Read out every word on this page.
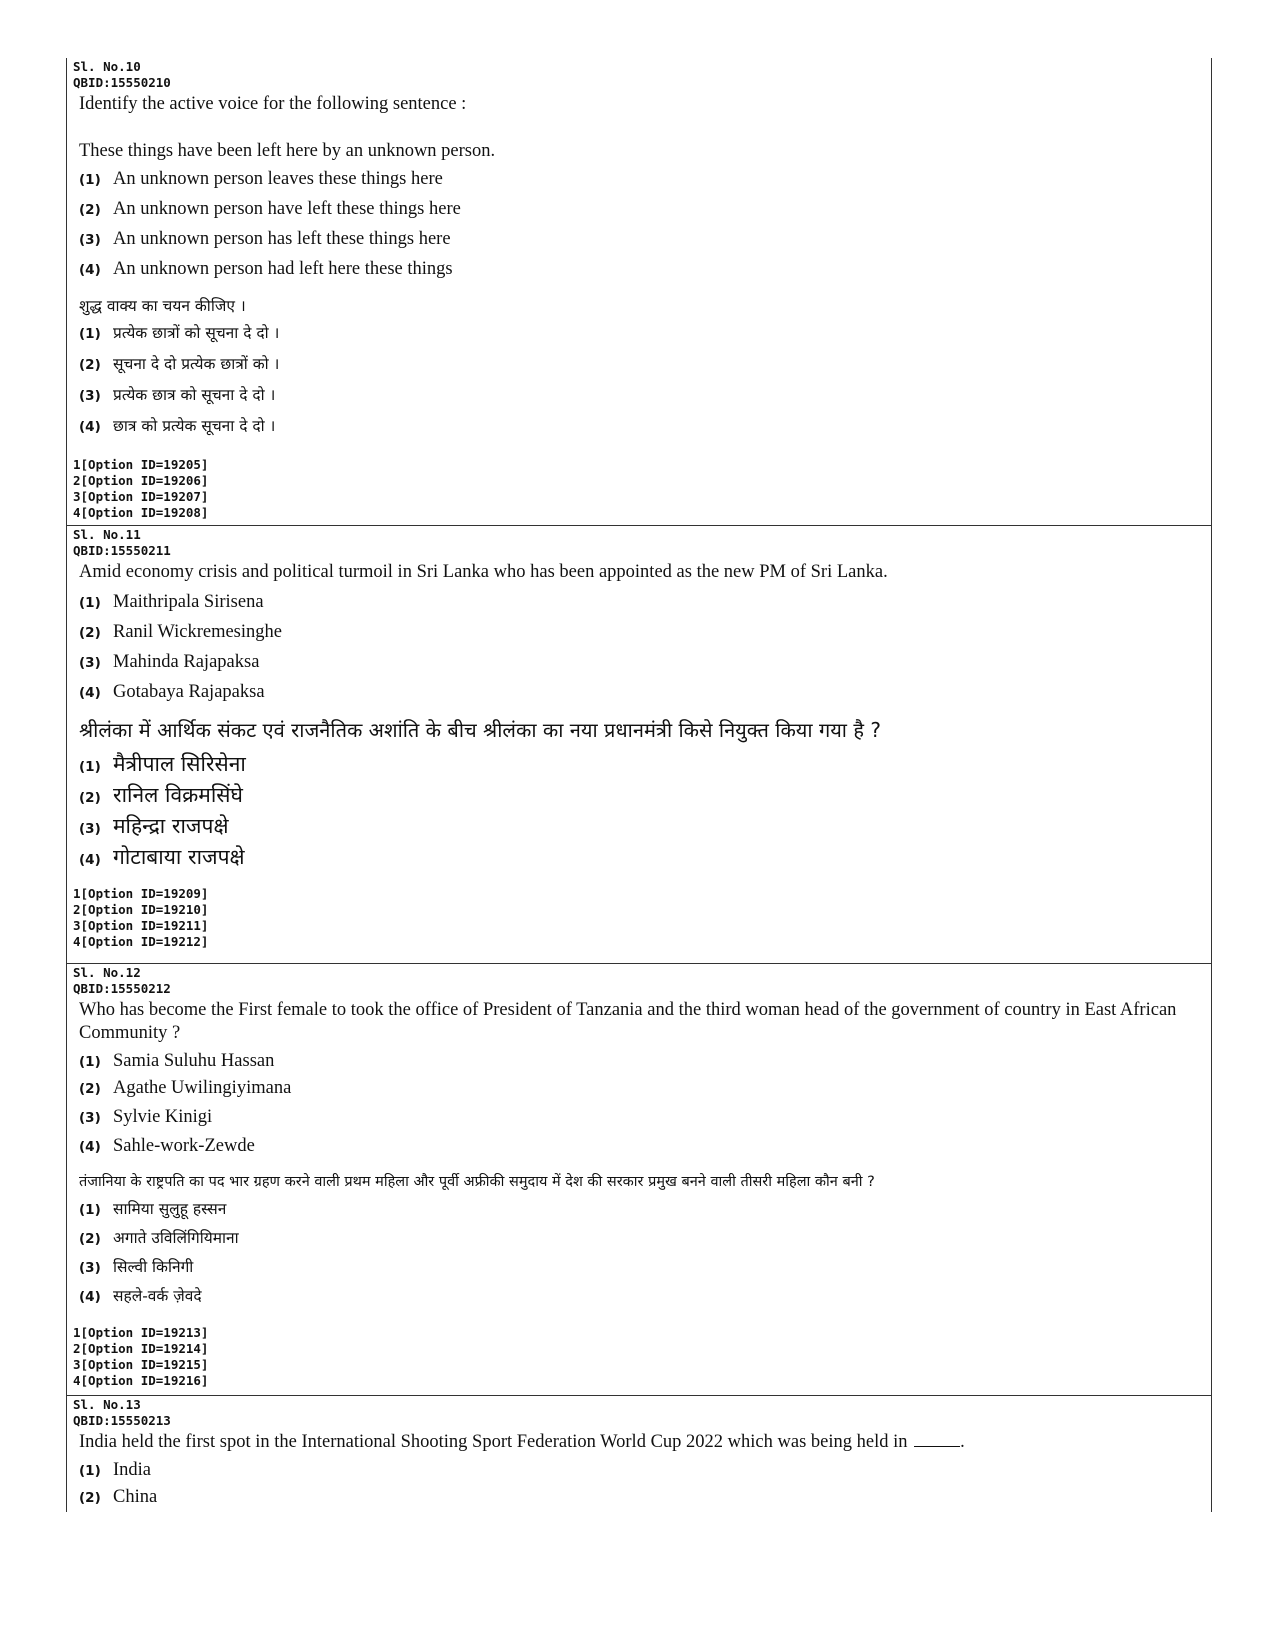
Sl. No.10
QBID:15550210
Identify the active voice for the following sentence :
These things have been left here by an unknown person.
(1) An unknown person leaves these things here
(2) An unknown person have left these things here
(3) An unknown person has left these things here
(4) An unknown person had left here these things
शुद्ध वाक्य का चयन कीजिए ।
(1) प्रत्येक छात्रों को सूचना दे दो ।
(2) सूचना दे दो प्रत्येक छात्रों को ।
(3) प्रत्येक छात्र को सूचना दे दो ।
(4) छात्र को प्रत्येक सूचना दे दो ।
1[Option ID=19205]
2[Option ID=19206]
3[Option ID=19207]
4[Option ID=19208]
Sl. No.11
QBID:15550211
Amid economy crisis and political turmoil in Sri Lanka who has been appointed as the new PM of Sri Lanka.
(1) Maithripala Sirisena
(2) Ranil Wickremesinghe
(3) Mahinda Rajapaksa
(4) Gotabaya Rajapaksa
श्रीलंका में आर्थिक संकट एवं राजनैतिक अशांति के बीच श्रीलंका का नया प्रधानमंत्री किसे नियुक्त किया गया है ?
(1) मैत्रीपाल सिरिसेना
(2) रानिल विक्रमसिंघे
(3) महिन्द्रा राजपक्षे
(4) गोटाबाया राजपक्षे
1[Option ID=19209]
2[Option ID=19210]
3[Option ID=19211]
4[Option ID=19212]
Sl. No.12
QBID:15550212
Who has become the First female to took the office of President of Tanzania and the third woman head of the government of country in East African Community ?
(1) Samia Suluhu Hassan
(2) Agathe Uwilingiyimana
(3) Sylvie Kinigi
(4) Sahle-work-Zewde
तंजानिया के राष्ट्रपति का पद भार ग्रहण करने वाली प्रथम महिला और पूर्वी अफ्रीकी समुदाय में देश की सरकार प्रमुख बनने वाली तीसरी महिला कौन बनी ?
(1) सामिया सुलुहू हस्सन
(2) अगाते उविलिंगियिमाना
(3) सिल्वी किनिगी
(4) सहले-वर्क ज़ेवदे
1[Option ID=19213]
2[Option ID=19214]
3[Option ID=19215]
4[Option ID=19216]
Sl. No.13
QBID:15550213
India held the first spot in the International Shooting Sport Federation World Cup 2022 which was being held in	.
(1) India
(2) China
